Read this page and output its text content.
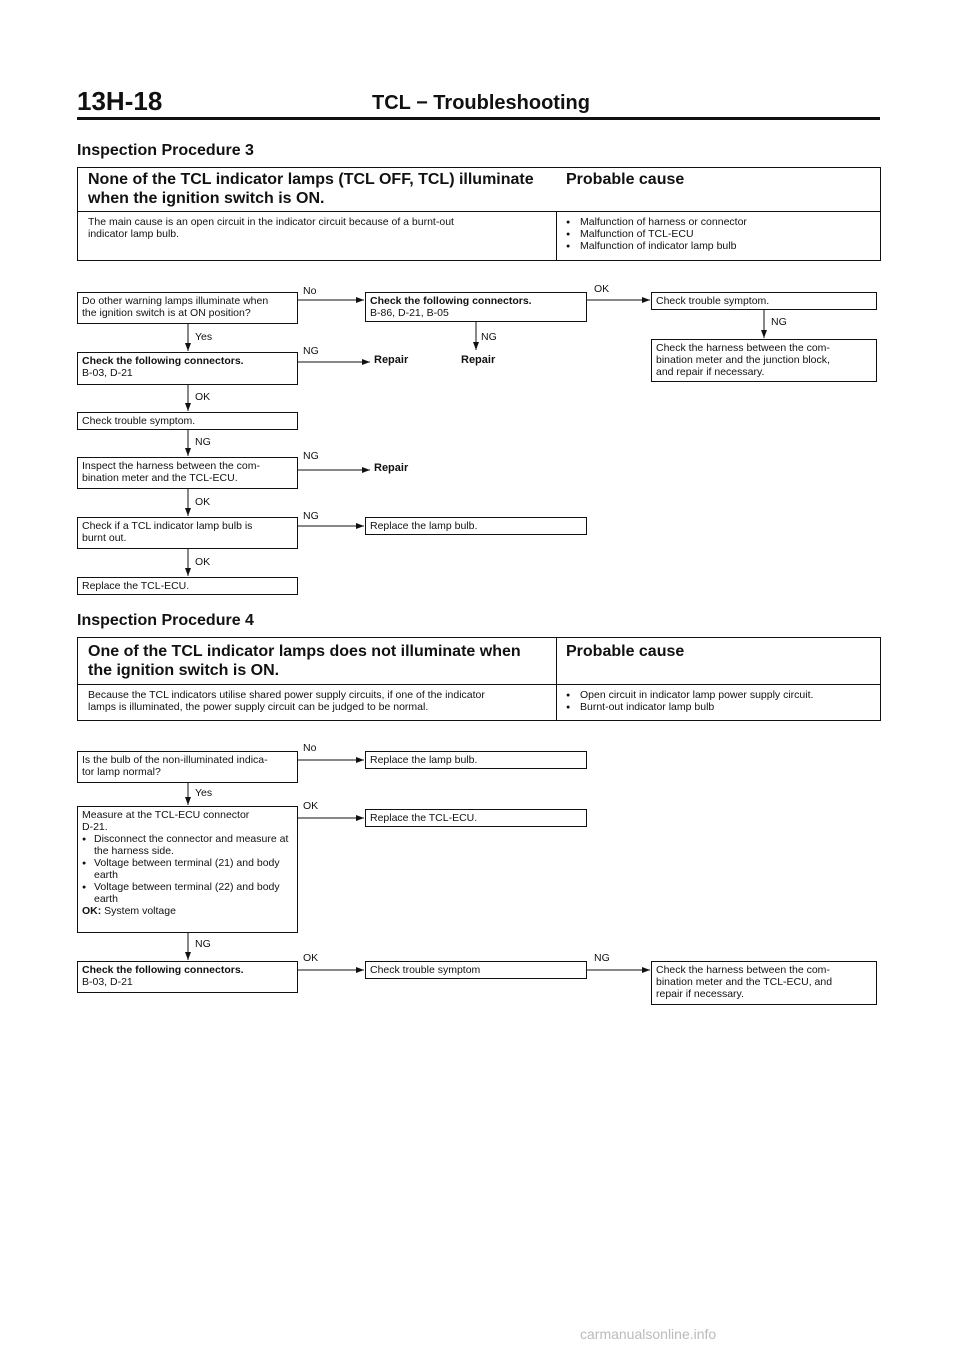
13H-18	TCL − Troubleshooting
Inspection Procedure 3
None of the TCL indicator lamps (TCL OFF, TCL) illuminate
when the ignition switch is ON.
Probable cause
The main cause is an open circuit in the indicator circuit because of a burnt-out
indicator lamp bulb.
● Malfunction of harness or connector
● Malfunction of TCL-ECU
● Malfunction of indicator lamp bulb
Do other warning lamps illuminate when
the ignition switch is at ON position?
Check the following connectors.
B-86, D-21, B-05
Check trouble symptom.
Check the harness between the com-
bination meter and the junction block,
and repair if necessary.
Check the following connectors.
B-03, D-21
Check trouble symptom.
Inspect the harness between the com-
bination meter and the TCL-ECU.
Check if a TCL indicator lamp bulb is
burnt out.
Replace the lamp bulb.
Replace the TCL-ECU.
No	OK
NG
NG
Repair
Yes
NG
Repair
OK
NG
NG
Repair
OK
NG
OK
Inspection Procedure 4
One of the TCL indicator lamps does not illuminate when
the ignition switch is ON.
Probable cause
Because the TCL indicators utilise shared power supply circuits, if one of the indicator
lamps is illuminated, the power supply circuit can be judged to be normal.
● Open circuit in indicator lamp power supply circuit.
● Burnt-out indicator lamp bulb
Is the bulb of the non-illuminated indica-
tor lamp normal?
Replace the lamp bulb.
Measure at the TCL-ECU connector
D-21.
● Disconnect the connector and measure at the harness side.
● Voltage between terminal (21) and body earth
● Voltage between terminal (22) and body earth
OK: System voltage
Replace the TCL-ECU.
Check the following connectors.
B-03, D-21
Check trouble symptom	Check the harness between the com-
bination meter and the TCL-ECU, and
repair if necessary.
No
Yes
OK
NG
OK	NG
carmanualsonline.info
